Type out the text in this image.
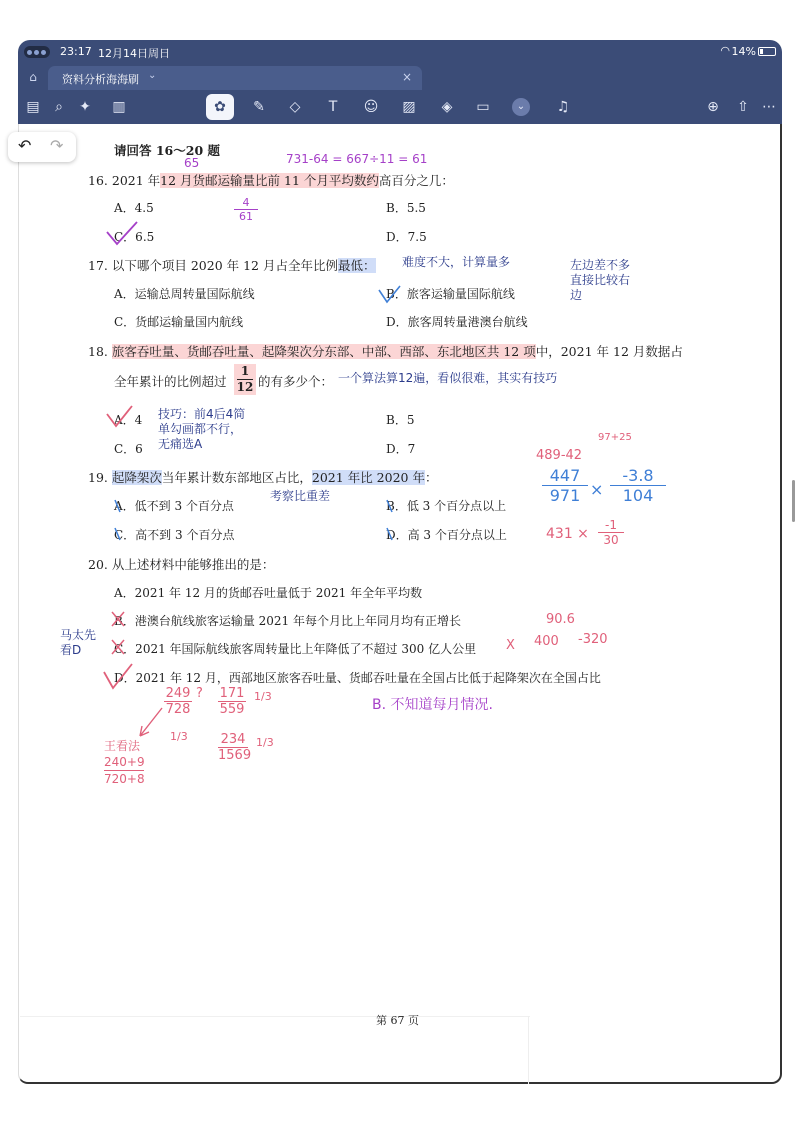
23:17 12月14日周日	◠ 14%
⌂ 资料分析海海刷 ⌄	×
▤	⌕	✦	▥	✿	✎	◇	T	☺	▨	◈	▭	⌄	♫	⊕	⇧ ⋯
↶ ↷	请回答 16～20 题
16. 2021 年12 月货邮运输量比前 11 个月平均数约高百分之几：
A．4.5	B．5.5
C．6.5	D．7.5
17. 以下哪个项目 2020 年 12 月占全年比例最低：
A．运输总周转量国际航线	B．旅客运输量国际航线
C．货邮运输量国内航线	D．旅客周转量港澳台航线
18. 旅客吞吐量、货邮吞吐量、起降架次分东部、中部、西部、东北地区共 12 项中，2021 年 12 月数据占
全年累计的比例超过
1
12 的有多少个：
A．4	B．5
C．6	D．7
19. 起降架次当年累计数东部地区占比，2021 年比 2020 年：
A．低不到 3 个百分点	B．低 3 个百分点以上
C．高不到 3 个百分点	D．高 3 个百分点以上
20. 从上述材料中能够推出的是：
A．2021 年 12 月的货邮吞吐量低于 2021 年全年平均数
B．港澳台航线旅客运输量 2021 年每个月比上年同月均有正增长
C．2021 年国际航线旅客周转量比上年降低了不超过 300 亿人公里
D．2021 年 12 月，西部地区旅客吞吐量、货邮吞吐量在全国占比低于起降架次在全国占比
第 67 页
65	731-64 = 667÷11 = 61
4
61
难度不大，计算量多	左边差不多
直接比较右
边
一个算法算12遍，看似很难，其实有技巧
技巧：前4后4简
单勾画都不行，
无痛选A
考察比重差
97+25
489-42
447
971 ×
-3.8
104
431 ×
-1
30
马太先
看D
90.6
400 -320
X
B. 不知道每月情况.
249
728
? 171
559
1/3
1/3	234
1569
1/3
王看法
240+9
720+8
